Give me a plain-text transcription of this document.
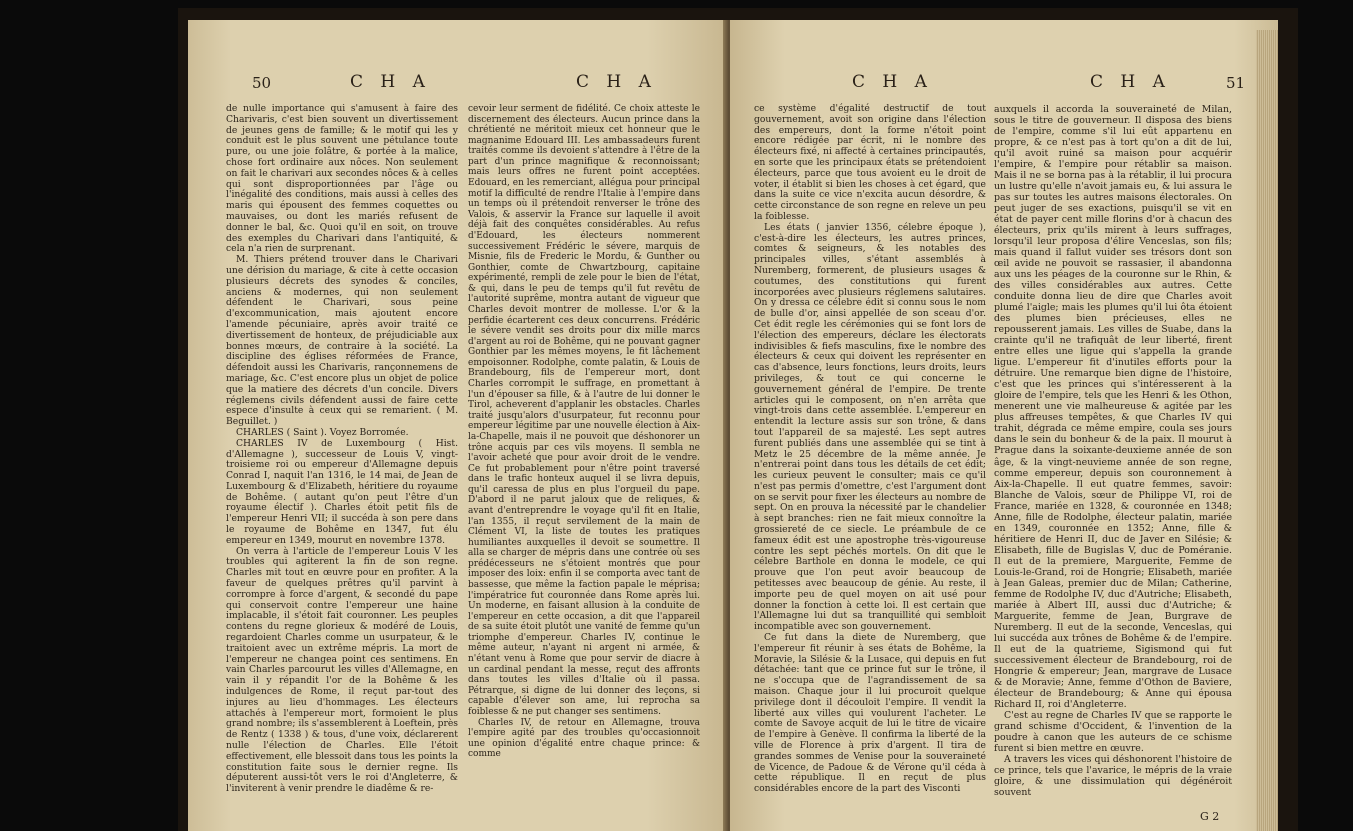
50	C H A	C H A

de nulle importance qui s'amusent à faire des Charivaris, c'est bien souvent un divertissement de jeunes gens de famille; & le motif qui les y conduit est le plus souvent une pétulance toute pure, ou une joie folâtre, & portée à la malice, chose fort ordinaire aux nôces. Non seulement on fait le charivari aux secondes nôces & à celles qui sont disproportionnées par l'âge ou l'inégalité des conditions, mais aussi à celles des maris qui épousent des femmes coquettes ou mauvaises, ou dont les mariés refusent de donner le bal, &c. Quoi qu'il en soit, on trouve des exemples du Charivari dans l'antiquité, & cela n'a rien de surprenant.

M. Thiers prétend trouver dans le Charivari une dérision du mariage, & cite à cette occasion plusieurs décrets des synodes & conciles, anciens & modernes, qui non seulement défendent le Charivari, sous peine d'excommunication, mais ajoutent encore l'amende pécuniaire, après avoir traité ce divertissement de honteux, de préjudiciable aux bonnes mœurs, de contraire à la société. La discipline des églises réformées de France, défendoit aussi les Charivaris, rançonnemens de mariage, &c. C'est encore plus un objet de police que la matiere des décrets d'un concile. Divers réglemens civils défendent aussi de faire cette espece d'insulte à ceux qui se remarient. ( M. Beguillet. )

CHARLES ( Saint ). Voyez Borromée.

CHARLES IV de Luxembourg ( Hist. d'Allemagne ), successeur de Louis V, vingt-troisieme roi ou empereur d'Allemagne depuis Conrad I, naquit l'an 1316, le 14 mai, de Jean de Luxembourg & d'Elizabeth, héritiere du royaume de Bohême. ( autant qu'on peut l'être d'un royaume électif ). Charles étoit petit fils de l'empereur Henri VII; il succéda à son pere dans le royaume de Bohême en 1347, fut élu empereur en 1349, mourut en novembre 1378.

On verra à l'article de l'empereur Louis V les troubles qui agiterent la fin de son regne. Charles mit tout en œuvre pour en profiter. A la faveur de quelques prêtres qu'il parvint à corrompre à force d'argent, & secondé du pape qui conservoit contre l'empereur une haine implacable, il s'étoit fait couronner. Les peuples contens du regne glorieux & modéré de Louis, regardoient Charles comme un usurpateur, & le traitoient avec un extrême mépris. La mort de l'empereur ne changea point ces sentimens. En vain Charles parcourut les villes d'Allemagne, en vain il y répandit l'or de la Bohême & les indulgences de Rome, il reçut par-tout des injures au lieu d'hommages. Les électeurs attachés à l'empereur mort, formoient le plus grand nombre; ils s'assemblerent à Loeftein, près de Rentz ( 1338 ) & tous, d'une voix, déclarerent nulle l'élection de Charles. Elle l'étoit effectivement, elle blessoit dans tous les points la constitution faite sous le dernier regne. Ils députerent aussi-tôt vers le roi d'Angleterre, & l'inviterent à venir prendre le diadême & re-

cevoir leur serment de fidélité. Ce choix atteste le discernement des électeurs. Aucun prince dans la chrétienté ne méritoit mieux cet honneur que le magnanime Edouard III. Les ambassadeurs furent traités comme ils devoient s'attendre à l'être de la part d'un prince magnifique & reconnoissant; mais leurs offres ne furent point acceptées. Edouard, en les remerciant, allégua pour principal motif la difficulté de rendre l'Italie à l'empire dans un temps où il prétendoit renverser le trône des Valois, & asservir la France sur laquelle il avoit déjà fait des conquêtes considérables. Au refus d'Edouard, les électeurs nommerent successivement Frédéric le sévere, marquis de Misnie, fils de Frederic le Mordu, & Gunther ou Gonthier, comte de Chwartzbourg, capitaine expérimenté, rempli de zele pour le bien de l'état, & qui, dans le peu de temps qu'il fut revêtu de l'autorité suprême, montra autant de vigueur que Charles devoit montrer de mollesse. L'or & la perfidie écarterent ces deux concurrens. Frédéric le sévere vendit ses droits pour dix mille marcs d'argent au roi de Bohême, qui ne pouvant gagner Gonthier par les mêmes moyens, le fit lâchement empoisonner. Rodolphe, comte palatin, & Louis de Brandebourg, fils de l'empereur mort, dont Charles corrompit le suffrage, en promettant à l'un d'épouser sa fille, & à l'autre de lui donner le Tirol, acheverent d'applanir les obstacles. Charles traité jusqu'alors d'usurpateur, fut reconnu pour empereur légitime par une nouvelle élection à Aix-la-Chapelle, mais il ne pouvoit que déshonorer un trône acquis par ces vils moyens. Il sembla ne l'avoir acheté que pour avoir droit de le vendre. Ce fut probablement pour n'être point traversé dans le trafic honteux auquel il se livra depuis, qu'il caressa de plus en plus l'orgueil du pape. D'abord il ne parut jaloux que de reliques, & avant d'entreprendre le voyage qu'il fit en Italie, l'an 1355, il reçut servilement de la main de Clément VI, la liste de toutes les pratiques humiliantes auxquelles il devoit se soumettre. Il alla se charger de mépris dans une contrée où ses prédécesseurs ne s'étoient montrés que pour imposer des loix: enfin il se comporta avec tant de bassesse, que même la faction papale le méprisa; l'impératrice fut couronnée dans Rome après lui. Un moderne, en faisant allusion à la conduite de l'empereur en cette occasion, a dit que l'appareil de sa suite étoit plutôt une vanité de femme qu'un triomphe d'empereur. Charles IV, continue le même auteur, n'ayant ni argent ni armée, & n'étant venu à Rome que pour servir de diacre à un cardinal pendant la messe, reçut des affronts dans toutes les villes d'Italie où il passa. Pétrarque, si digne de lui donner des leçons, si capable d'élever son ame, lui reprocha sa foiblesse & ne put changer ses sentimens.

Charles IV, de retour en Allemagne, trouva l'empire agité par des troubles qu'occasionnoit une opinion d'égalité entre chaque prince: & comme

C H A	C H A	51

ce système d'égalité destructif de tout gouvernement, avoit son origine dans l'élection des empereurs, dont la forme n'étoit point encore rédigée par écrit, ni le nombre des électeurs fixé, ni affecté à certaines principautés, en sorte que les principaux états se prétendoient électeurs, parce que tous avoient eu le droit de voter, il établit si bien les choses à cet égard, que dans la suite ce vice n'excita aucun désordre, & cette circonstance de son regne en releve un peu la foiblesse.

Les états ( janvier 1356, célebre époque ), c'est-à-dire les électeurs, les autres princes, comtes & seigneurs, & les notables des principales villes, s'étant assemblés à Nuremberg, formerent, de plusieurs usages & coutumes, des constitutions qui furent incorporées avec plusieurs réglemens salutaires. On y dressa ce célebre édit si connu sous le nom de bulle d'or, ainsi appellée de son sceau d'or. Cet édit regle les cérémonies qui se font lors de l'élection des empereurs, déclare les électorats indivisibles & fiefs masculins, fixe le nombre des électeurs & ceux qui doivent les représenter en cas d'absence, leurs fonctions, leurs droits, leurs privileges, & tout ce qui concerne le gouvernement général de l'empire. De trente articles qui le composent, on n'en arrêta que vingt-trois dans cette assemblée. L'empereur en entendit la lecture assis sur son trône, & dans tout l'appareil de sa majesté. Les sept autres furent publiés dans une assemblée qui se tint à Metz le 25 décembre de la même année. Je n'entrerai point dans tous les détails de cet édit; les curieux peuvent le consulter; mais ce qu'il n'est pas permis d'omettre, c'est l'argument dont on se servit pour fixer les électeurs au nombre de sept. On en prouva la nécessité par le chandelier à sept branches: rien ne fait mieux connoître la grossiereté de ce siecle. Le préambule de ce fameux édit est une apostrophe très-vigoureuse contre les sept péchés mortels. On dit que le célebre Barthole en donna le modele, ce qui prouve que l'on peut avoir beaucoup de petitesses avec beaucoup de génie. Au reste, il importe peu de quel moyen on ait usé pour donner la fonction à cette loi. Il est certain que l'Allemagne lui dut sa tranquillité qui sembloit incompatible avec son gouvernement.

Ce fut dans la diete de Nuremberg, que l'empereur fit réunir à ses états de Bohême, la Moravie, la Silésie & la Lusace, qui depuis en fut détachée: tant que ce prince fut sur le trône, il ne s'occupa que de l'agrandissement de sa maison. Chaque jour il lui procuroit quelque privilege dont il découloit l'empire. Il vendit la liberté aux villes qui voulurent l'acheter. Le comte de Savoye acquit de lui le titre de vicaire de l'empire à Genève. Il confirma la liberté de la ville de Florence à prix d'argent. Il tira de grandes sommes de Venise pour la souveraineté de Vicence, de Padoue & de Vérone qu'il céda à cette république. Il en reçut de plus considérables encore de la part des Visconti

auxquels il accorda la souveraineté de Milan, sous le titre de gouverneur. Il disposa des biens de l'empire, comme s'il lui eût appartenu en propre, & ce n'est pas à tort qu'on a dit de lui, qu'il avoit ruiné sa maison pour acquérir l'empire, & l'empire pour rétablir sa maison. Mais il ne se borna pas à la rétablir, il lui procura un lustre qu'elle n'avoit jamais eu, & lui assura le pas sur toutes les autres maisons électorales. On peut juger de ses exactions, puisqu'il se vit en état de payer cent mille florins d'or à chacun des électeurs, prix qu'ils mirent à leurs suffrages, lorsqu'il leur proposa d'élire Venceslas, son fils; mais quand il fallut vuider ses trésors dont son œil avide ne pouvoit se rassasier, il abandonna aux uns les péages de la couronne sur le Rhin, & des villes considérables aux autres. Cette conduite donna lieu de dire que Charles avoit plumé l'aigle; mais les plumes qu'il lui ôta étoient des plumes bien précieuses, elles ne repousserent jamais. Les villes de Suabe, dans la crainte qu'il ne trafiquât de leur liberté, firent entre elles une ligue qui s'appella la grande ligue. L'empereur fit d'inutiles efforts pour la détruire. Une remarque bien digne de l'histoire, c'est que les princes qui s'intéresserent à la gloire de l'empire, tels que les Henri & les Othon, menerent une vie malheureuse & agitée par les plus affreuses tempêtes, & que Charles IV qui trahit, dégrada ce même empire, coula ses jours dans le sein du bonheur & de la paix. Il mourut à Prague dans la soixante-deuxieme année de son âge, & la vingt-neuvieme année de son regne, comme empereur, depuis son couronnement à Aix-la-Chapelle. Il eut quatre femmes, savoir: Blanche de Valois, sœur de Philippe VI, roi de France, mariée en 1328, & couronnée en 1348; Anne, fille de Rodolphe, électeur palatin, mariée en 1349, couronnée en 1352; Anne, fille & héritiere de Henri II, duc de Javer en Silésie; & Elisabeth, fille de Bugislas V, duc de Poméranie. Il eut de la premiere, Marguerite, Femme de Louis-le-Grand, roi de Hongrie; Elisabeth, mariée à Jean Galeas, premier duc de Milan; Catherine, femme de Rodolphe IV, duc d'Autriche; Elisabeth, mariée à Albert III, aussi duc d'Autriche; & Marguerite, femme de Jean, Burgrave de Nuremberg. Il eut de la seconde, Venceslas, qui lui succéda aux trônes de Bohême & de l'empire. Il eut de la quatrieme, Sigismond qui fut successivement électeur de Brandebourg, roi de Hongrie & empereur; Jean, margrave de Lusace & de Moravie; Anne, femme d'Othon de Baviere, électeur de Brandebourg; & Anne qui épousa Richard II, roi d'Angleterre.

C'est au regne de Charles IV que se rapporte le grand schisme d'Occident, & l'invention de la poudre à canon que les auteurs de ce schisme furent si bien mettre en œuvre.

A travers les vices qui déshonorent l'histoire de ce prince, tels que l'avarice, le mépris de la vraie gloire, & une dissimulation qui dégénéroit souvent

G 2
